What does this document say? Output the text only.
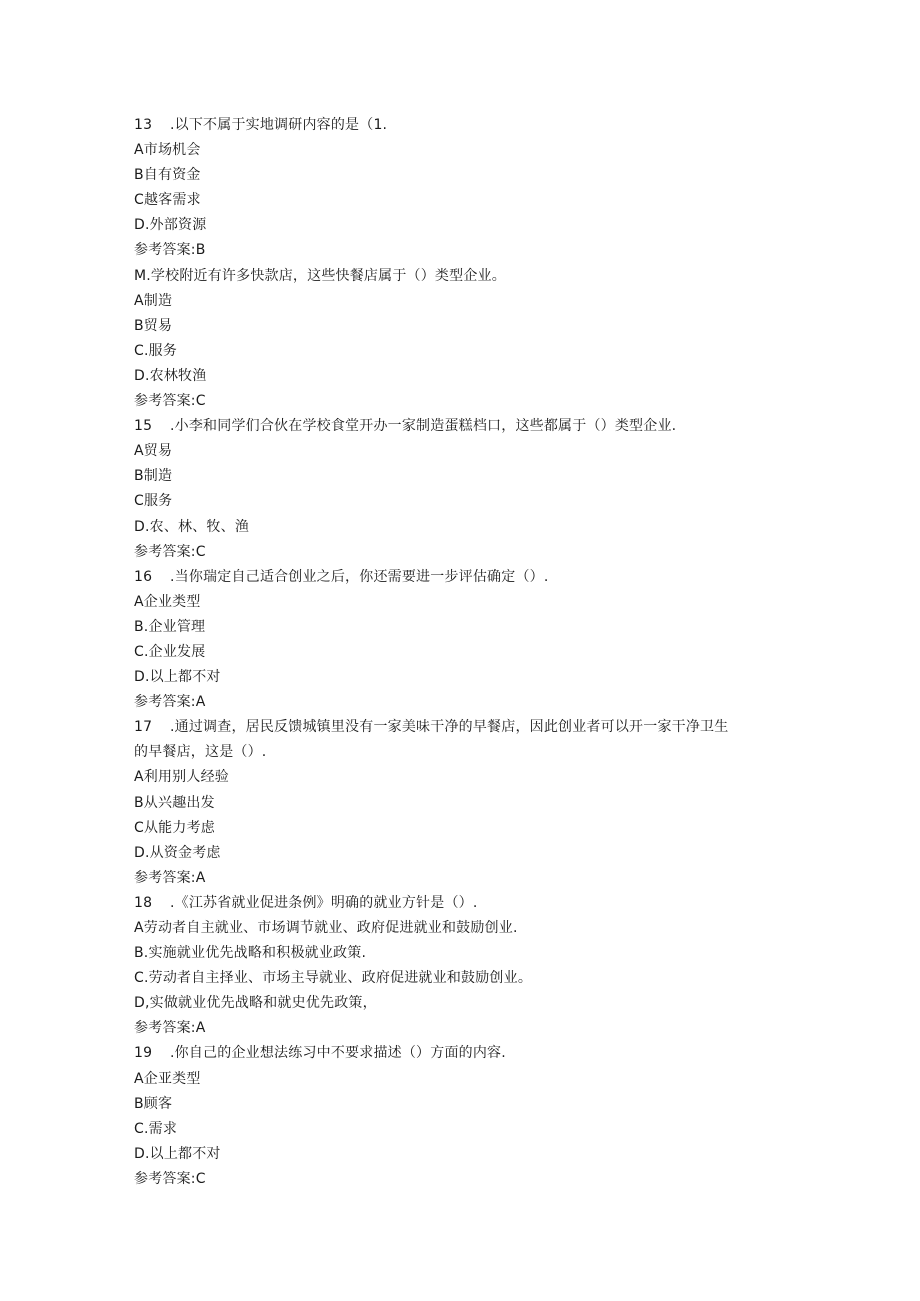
13 .以下不属于实地调研内容的是（1.
A市场机会
B自有资金
C越客需求
D.外部资源
参考答案:B
M.学校附近有许多快款店，这些快餐店属于（）类型企业。
A制造
B贸易
C.服务
D.农林牧渔
参考答案:C
15 .小李和同学们合伙在学校食堂开办一家制造蛋糕档口，这些都属于（）类型企业.
A贸易
B制造
C服务
D.农、林、牧、渔
参考答案:C
16 .当你瑞定自己适合创业之后，你还需要进一步评估确定（）.
A企业类型
B.企业管理
C.企业发展
D.以上都不对
参考答案:A
17 .通过调查，居民反馈城镇里没有一家美味干净的早餐店，因此创业者可以开一家干净卫生
的早餐店，这是（）.
A利用别人经验
B从兴趣出发
C从能力考虑
D.从资金考虑
参考答案:A
18 .《江苏省就业促进条例》明确的就业方针是（）.
A劳动者自主就业、市场调节就业、政府促进就业和鼓励创业.
B.实施就业优先战略和积极就业政策.
C.劳动者自主择业、市场主导就业、政府促进就业和鼓励创业。
D,实做就业优先战略和就史优先政策，
参考答案:A
19 .你自己的企业想法练习中不要求描述（）方面的内容.
A企亚类型
B顾客
C.需求
D.以上都不对
参考答案:C
